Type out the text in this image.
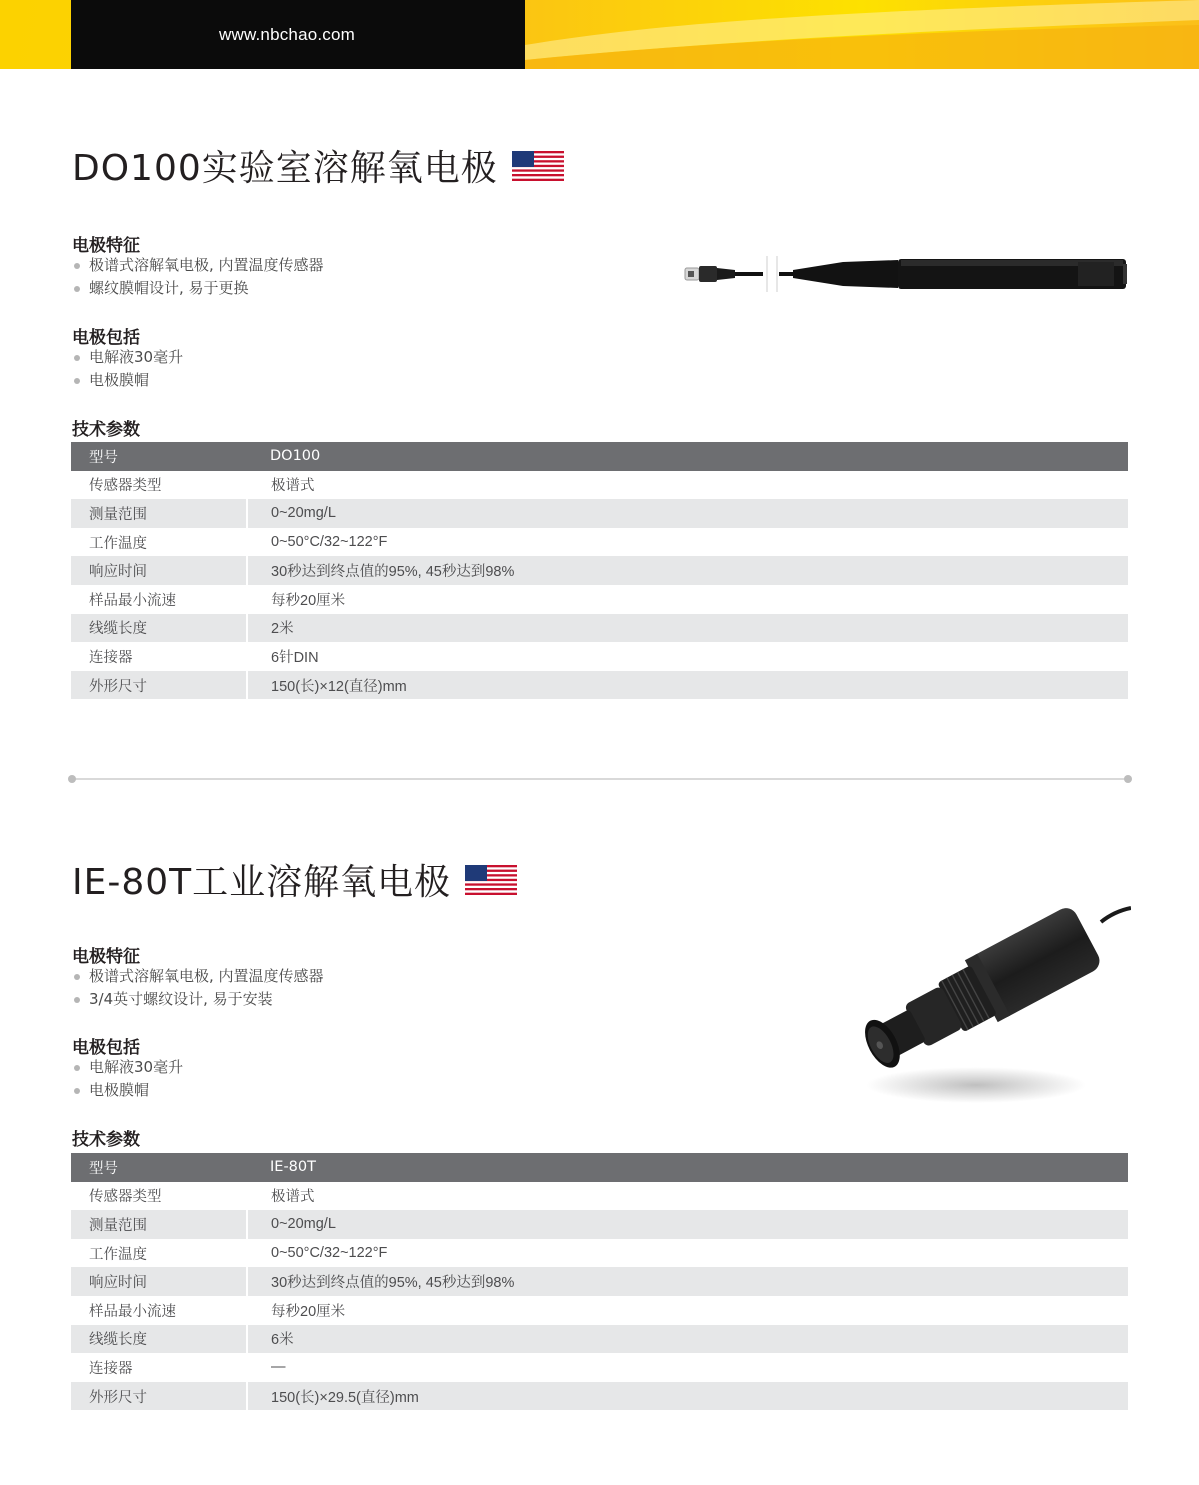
www.nbchao.com
DO100实验室溶解氧电极
电极特征
极谱式溶解氧电极, 内置温度传感器
螺纹膜帽设计, 易于更换
电极包括
电解液30毫升
电极膜帽
技术参数
型号	DO100
传感器类型	极谱式
测量范围	0~20mg/L
工作温度	0~50°C/32~122°F
响应时间	30秒达到终点值的95%, 45秒达到98%
样品最小流速	每秒20厘米
线缆长度	2米
连接器	6针DIN
外形尺寸	150(长)×12(直径)mm
IE-80T工业溶解氧电极
电极特征
极谱式溶解氧电极, 内置温度传感器
3/4英寸螺纹设计, 易于安装
电极包括
电解液30毫升
电极膜帽
技术参数
型号	IE-80T
传感器类型	极谱式
测量范围	0~20mg/L
工作温度	0~50°C/32~122°F
响应时间	30秒达到终点值的95%, 45秒达到98%
样品最小流速	每秒20厘米
线缆长度	6米
连接器	—
外形尺寸	150(长)×29.5(直径)mm
